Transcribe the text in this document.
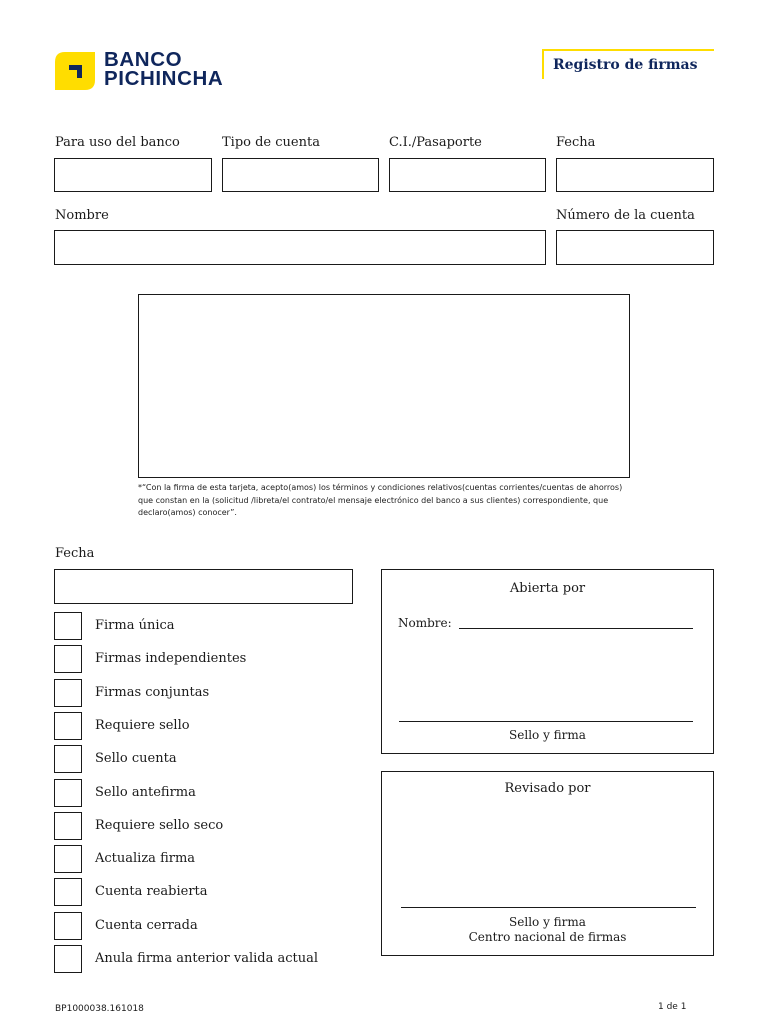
BANCO
PICHINCHA
Registro de firmas
Para uso del banco	Tipo de cuenta	C.I./Pasaporte	Fecha
Nombre	Número de la cuenta
*“Con la firma de esta tarjeta, acepto(amos) los términos y condiciones relativos(cuentas corrientes/cuentas de ahorros) que constan en la (solicitud /libreta/el contrato/el mensaje electrónico del banco a sus clientes) correspondiente, que declaro(amos) conocer”.
Fecha
Firma única
Firmas independientes
Firmas conjuntas
Requiere sello
Sello cuenta
Sello antefirma
Requiere sello seco
Actualiza firma
Cuenta reabierta
Cuenta cerrada
Anula firma anterior valida actual
Abierta por
Nombre:
Sello y firma
Revisado por
Sello y firma
Centro nacional de firmas
BP1000038.161018	1 de 1
